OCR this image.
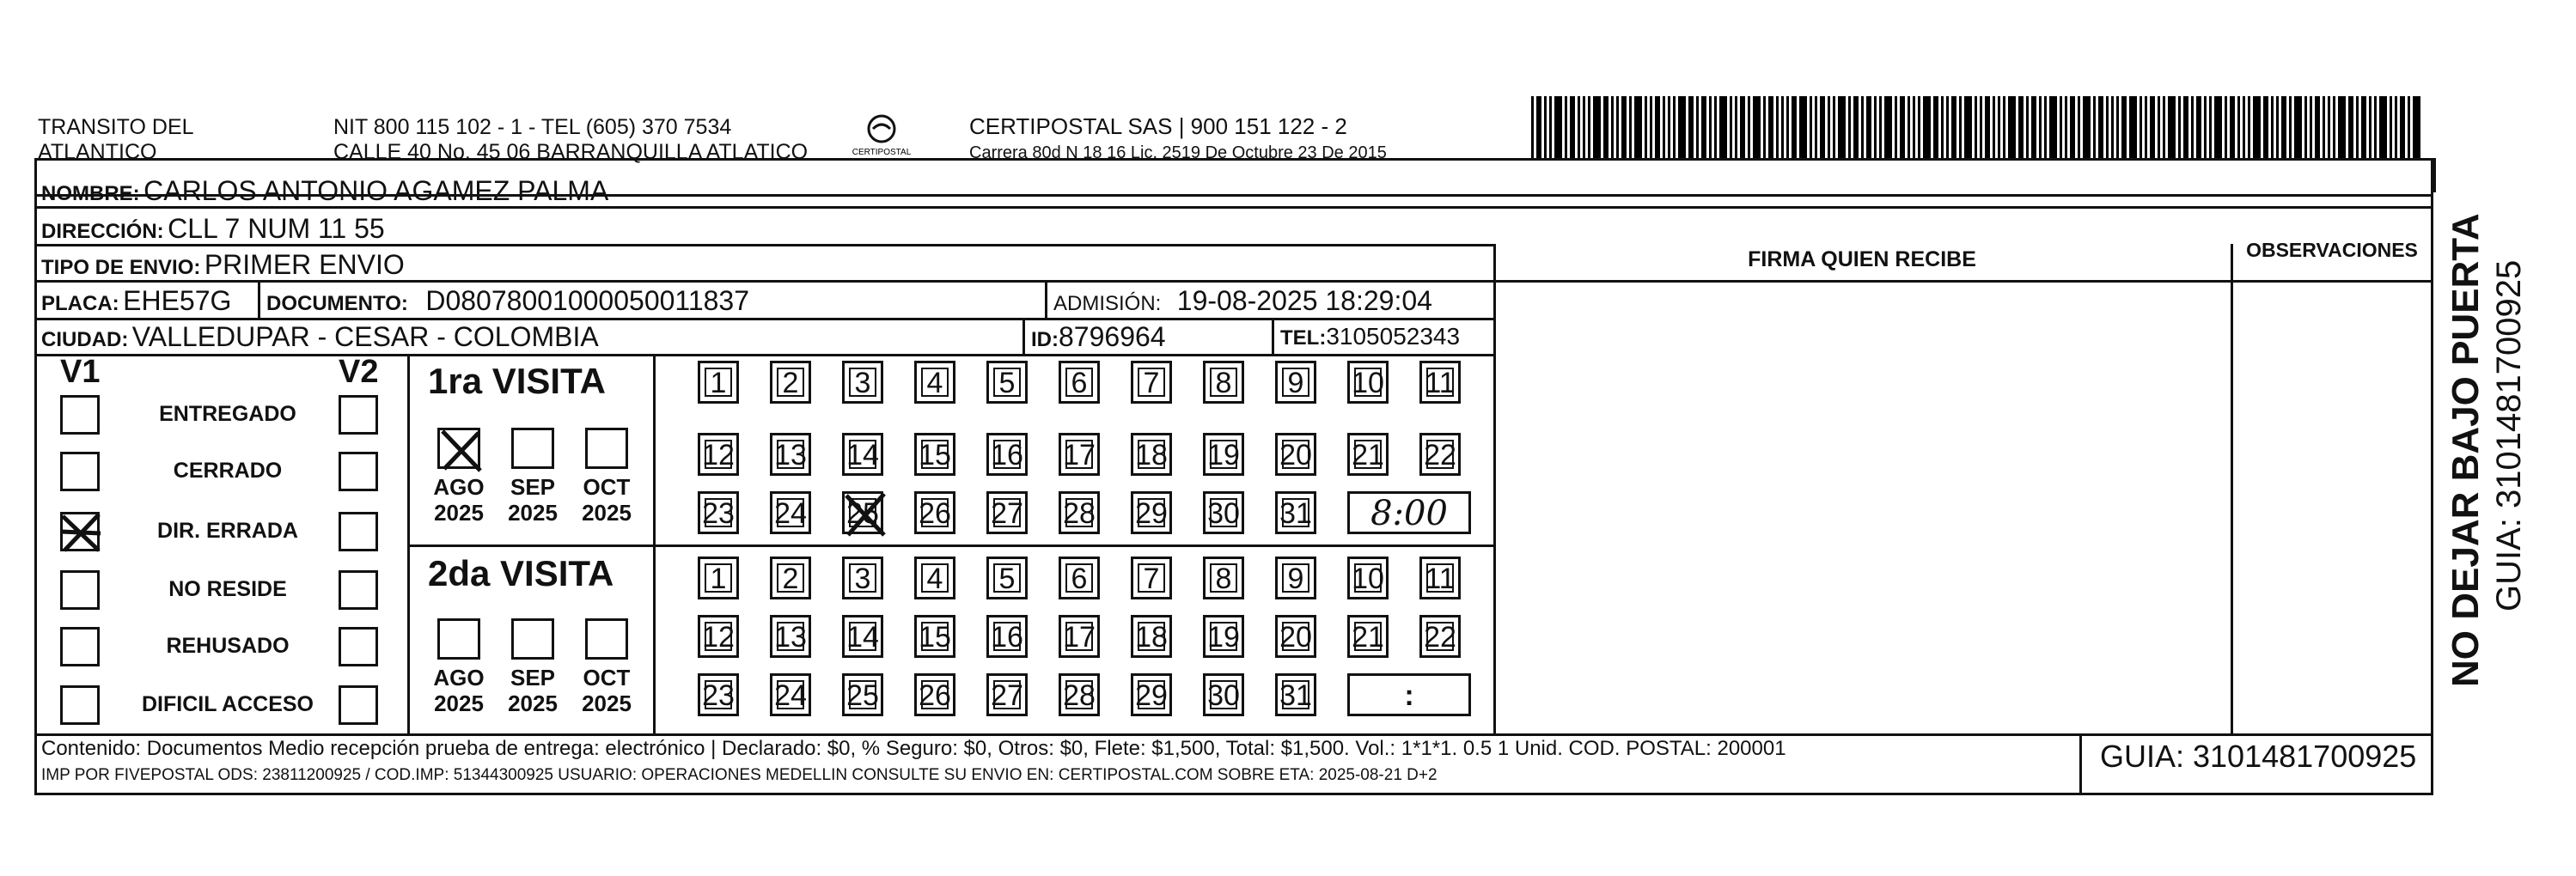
TRANSITO DEL
ATLANTICO
NIT 800 115 102 - 1 - TEL (605) 370 7534
CALLE 40 No. 45 06 BARRANQUILLA ATLATICO	CERTIPOSTAL
CERTIPOSTAL SAS | 900 151 122 - 2
Carrera 80d N 18 16 Lic. 2519 De Octubre 23 De 2015
NOMBRE: CARLOS ANTONIO AGAMEZ PALMA
DIRECCIÓN: CLL 7 NUM 11 55
TIPO DE ENVIO: PRIMER ENVIO
PLACA: EHE57G DOCUMENTO: D08078001000050011837	ADMISIÓN: 19-08-2025 18:29:04
CIUDAD: VALLEDUPAR - CESAR - COLOMBIA	ID:8796964	TEL:3105052343
FIRMA QUIEN RECIBE	OBSERVACIONES
V1	V2
ENTREGADO
CERRADO
DIR. ERRADA
NO RESIDE
REHUSADO
DIFICIL ACCESO
1ra VISITA
2da VISITA
AGO
2025
SEP
2025
OCT
2025
AGO
2025
SEP
2025
OCT
2025
1	2	3	4	5	6	7	8	9	10 11
12 13 14 15 16 17 18 19 20 21 22
23 24 25 26 27 28 29 30 31	8:00
1	2	3	4	5	6	7	8	9	10 11
12 13 14 15 16 17 18 19 20 21 22
23 24 25 26 27 28 29 30 31	:
Contenido: Documentos Medio recepción prueba de entrega: electrónico | Declarado: $0, % Seguro: $0, Otros: $0, Flete: $1,500, Total: $1,500. Vol.: 1*1*1. 0.5 1 Unid. COD. POSTAL: 200001
IMP POR FIVEPOSTAL ODS: 23811200925 / COD.IMP: 51344300925 USUARIO: OPERACIONES MEDELLIN CONSULTE SU ENVIO EN: CERTIPOSTAL.COM SOBRE ETA: 2025-08-21 D+2
GUIA: 3101481700925
NO DEJAR BAJO PUERTA GUIA: 3101481700925
